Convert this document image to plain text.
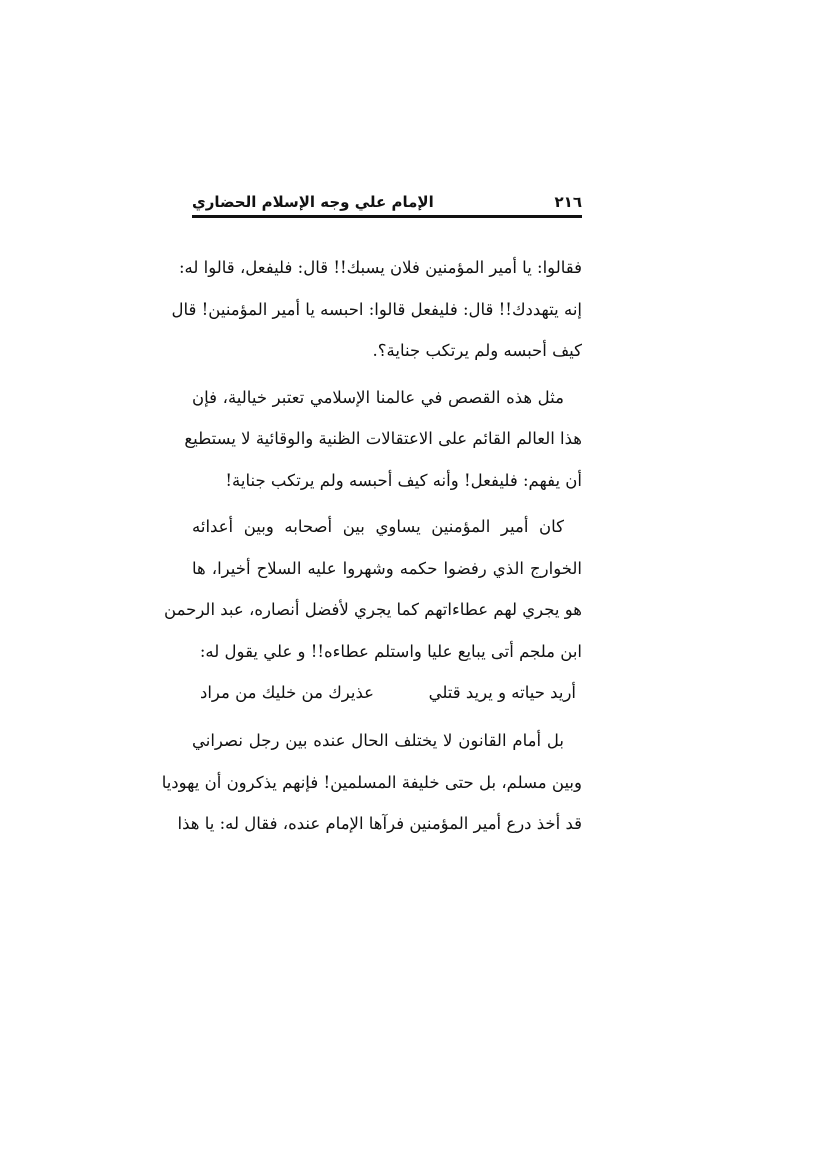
٢١٦
الإمام علي وجه الإسلام الحضاري
فقالوا: يا أمير المؤمنين فلان يسبك!! قال: فليفعل، قالوا له:
إنه يتهددك!! قال: فليفعل قالوا: احبسه يا أمير المؤمنين! قال
كيف أحبسه ولم يرتكب جناية؟.
مثل هذه القصص في عالمنا الإسلامي تعتبر خيالية، فإن
هذا العالم القائم على الاعتقالات الظنية والوقائية لا يستطيع
أن يفهم: فليفعل! وأنه كيف أحبسه ولم يرتكب جناية!
كان أمير المؤمنين يساوي بين أصحابه وبين أعدائه
الخوارج الذي رفضوا حكمه وشهروا عليه السلاح أخيرا، ها
هو يجري لهم عطاءاتهم كما يجري لأفضل أنصاره، عبد الرحمن
ابن ملجم أتى يبايع عليا واستلم عطاءه!! و علي يقول له:
أريد حياته و يريد قتلي
عذيرك من خليك من مراد
بل أمام القانون لا يختلف الحال عنده بين رجل نصراني
وبين مسلم، بل حتى خليفة المسلمين! فإنهم يذكرون أن يهوديا
قد أخذ درع أمير المؤمنين فرآها الإمام عنده، فقال له: يا هذا
